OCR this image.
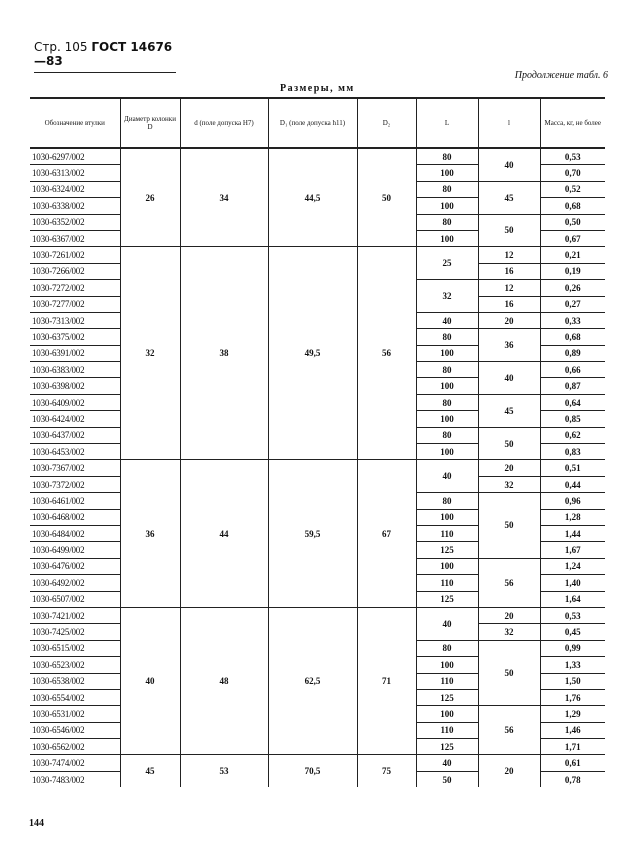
Стр. 105 ГОСТ 14676—83
Продолжение табл. 6
Размеры, мм
Обозначение втулки	Диаметр колонки D	d (поле допуска H7)	D₁ (поле допуска h11)	D₂	L	l	Масса, кг, не более
1030-6297/002	26	34	44,5	50	80	40	0,53
1030-6313/002					100		0,70
1030-6324/002					80	45	0,52
1030-6338/002					100		0,68
1030-6352/002					80	50	0,50
1030-6367/002					100		0,67
1030-7261/002	32	38	49,5	56	25	12	0,21
1030-7266/002						16	0,19
1030-7272/002					32	12	0,26
1030-7277/002						16	0,27
1030-7313/002					40	20	0,33
1030-6375/002					80	36	0,68
1030-6391/002					100		0,89
1030-6383/002					80	40	0,66
1030-6398/002					100		0,87
1030-6409/002					80	45	0,64
1030-6424/002					100		0,85
1030-6437/002					80	50	0,62
1030-6453/002					100		0,83
1030-7367/002	36	44	59,5	67	40	20	0,51
1030-7372/002						32	0,44
1030-6461/002					80	50	0,96
1030-6468/002					100		1,28
1030-6484/002					110		1,44
1030-6499/002					125		1,67
1030-6476/002					100	56	1,24
1030-6492/002					110		1,40
1030-6507/002					125		1,64
1030-7421/002	40	48	62,5	71	40	20	0,53
1030-7425/002						32	0,45
1030-6515/002					80	50	0,99
1030-6523/002					100		1,33
1030-6538/002					110		1,50
1030-6554/002					125		1,76
1030-6531/002					100	56	1,29
1030-6546/002					110		1,46
1030-6562/002					125		1,71
1030-7474/002	45	53	70,5	75	40	20	0,61
1030-7483/002					50		0,78
144
